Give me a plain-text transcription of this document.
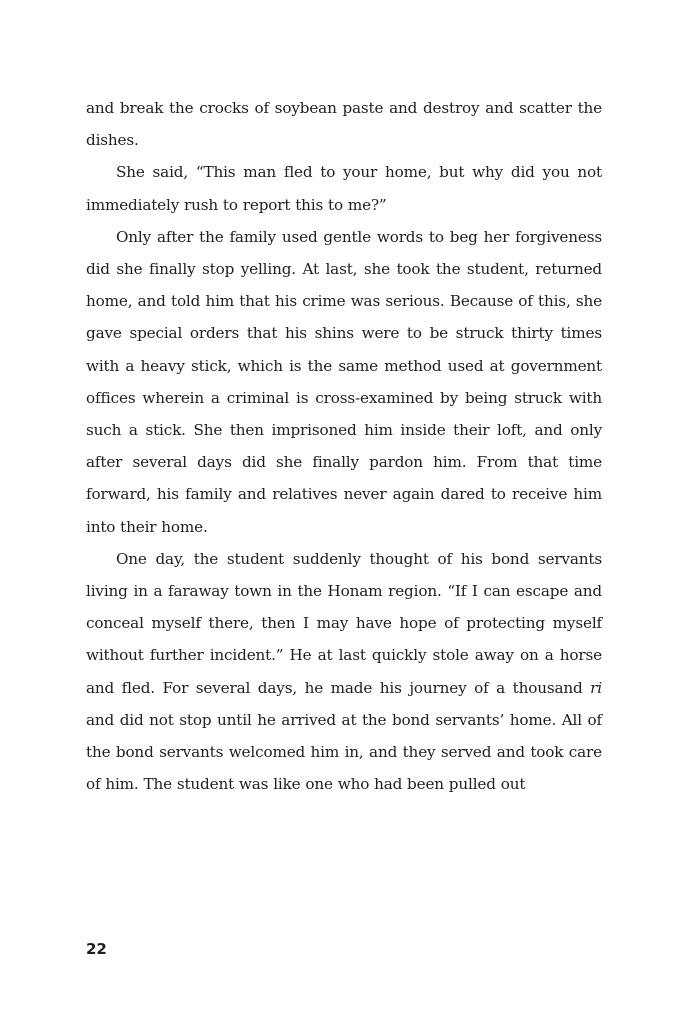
and break the crocks of soybean paste and destroy and scatter the dishes.

She said, “This man fled to your home, but why did you not immediately rush to report this to me?”

Only after the family used gentle words to beg her forgiveness did she finally stop yelling. At last, she took the student, returned home, and told him that his crime was serious. Because of this, she gave special orders that his shins were to be struck thirty times with a heavy stick, which is the same method used at government offices wherein a criminal is cross-examined by being struck with such a stick. She then imprisoned him inside their loft, and only after several days did she finally pardon him. From that time forward, his family and relatives never again dared to receive him into their home.

One day, the student suddenly thought of his bond servants living in a faraway town in the Honam region. “If I can escape and conceal myself there, then I may have hope of protecting myself without further incident.” He at last quickly stole away on a horse and fled. For several days, he made his journey of a thousand ri and did not stop until he arrived at the bond servants’ home. All of the bond servants welcomed him in, and they served and took care of him. The student was like one who had been pulled out

22
